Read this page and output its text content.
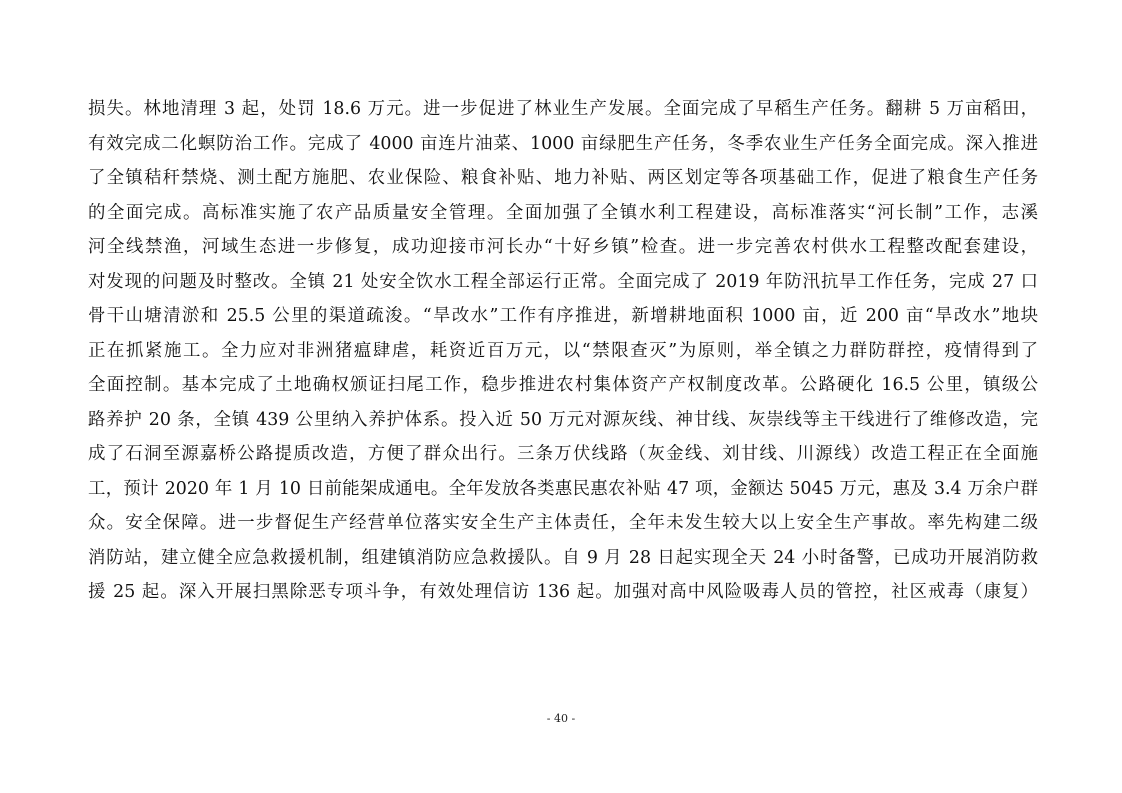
损失。林地清理 3 起，处罚 18.6 万元。进一步促进了林业生产发展。全面完成了早稻生产任务。翻耕 5 万亩稻田，
有效完成二化螟防治工作。完成了 4000 亩连片油菜、1000 亩绿肥生产任务，冬季农业生产任务全面完成。深入推进
了全镇秸秆禁烧、测土配方施肥、农业保险、粮食补贴、地力补贴、两区划定等各项基础工作，促进了粮食生产任务
的全面完成。高标准实施了农产品质量安全管理。全面加强了全镇水利工程建设，高标准落实“河长制”工作，志溪
河全线禁渔，河域生态进一步修复，成功迎接市河长办“十好乡镇”检查。进一步完善农村供水工程整改配套建设，
对发现的问题及时整改。全镇 21 处安全饮水工程全部运行正常。全面完成了 2019 年防汛抗旱工作任务，完成 27 口
骨干山塘清淤和 25.5 公里的渠道疏浚。“旱改水”工作有序推进，新增耕地面积 1000 亩，近 200 亩“旱改水”地块
正在抓紧施工。全力应对非洲猪瘟肆虐，耗资近百万元，以“禁限查灭”为原则，举全镇之力群防群控，疫情得到了
全面控制。基本完成了土地确权颁证扫尾工作，稳步推进农村集体资产产权制度改革。公路硬化 16.5 公里，镇级公
路养护 20 条，全镇 439 公里纳入养护体系。投入近 50 万元对源灰线、神甘线、灰崇线等主干线进行了维修改造，完
成了石洞至源嘉桥公路提质改造，方便了群众出行。三条万伏线路（灰金线、刘甘线、川源线）改造工程正在全面施
工，预计 2020 年 1 月 10 日前能架成通电。全年发放各类惠民惠农补贴 47 项，金额达 5045 万元，惠及 3.4 万余户群
众。安全保障。进一步督促生产经营单位落实安全生产主体责任，全年未发生较大以上安全生产事故。率先构建二级
消防站，建立健全应急救援机制，组建镇消防应急救援队。自 9 月 28 日起实现全天 24 小时备警，已成功开展消防救
援 25 起。深入开展扫黑除恶专项斗争，有效处理信访 136 起。加强对高中风险吸毒人员的管控，社区戒毒（康复）
- 40 -
